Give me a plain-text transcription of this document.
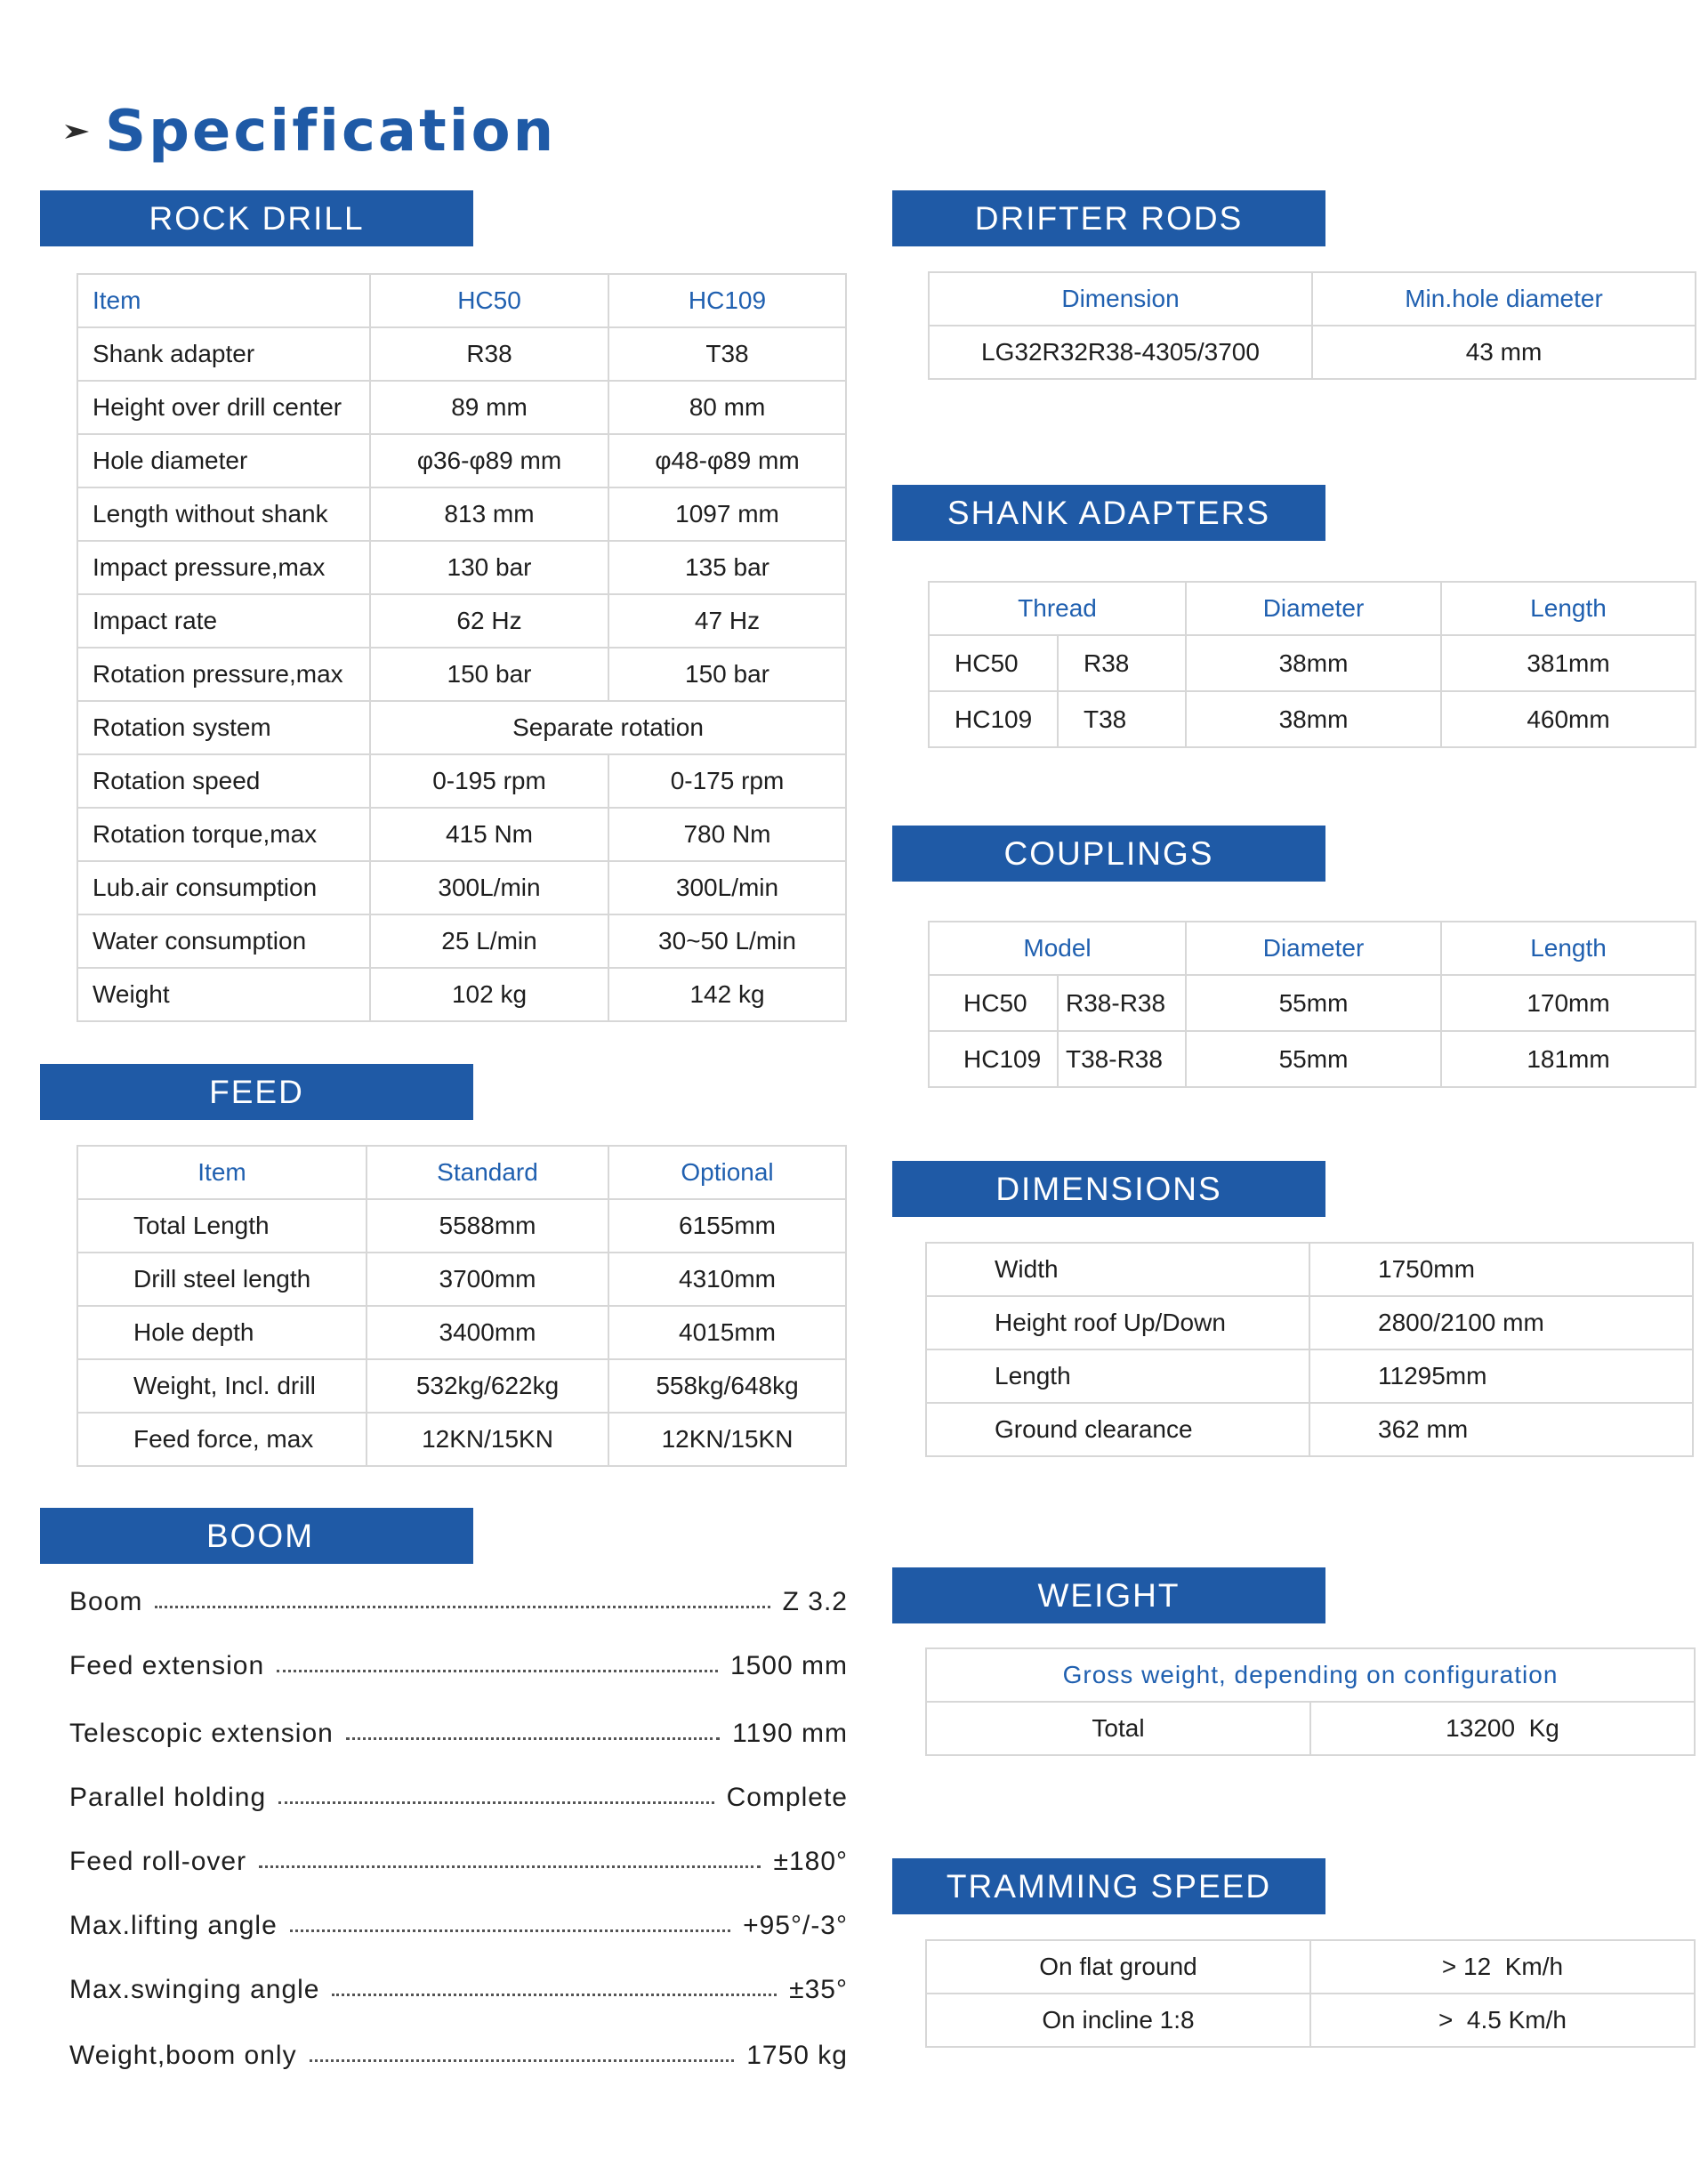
Specification
ROCK DRILL
Item	HC50	HC109
Shank adapter	R38	T38
Height over drill center	89 mm	80 mm
Hole diameter	φ36-φ89 mm	φ48-φ89 mm
Length without shank	813 mm	1097 mm
Impact pressure,max	130 bar	135 bar
Impact rate	62 Hz	47 Hz
Rotation pressure,max	150 bar	150 bar
Rotation system	Separate rotation	
Rotation speed	0-195 rpm	0-175 rpm
Rotation torque,max	415 Nm	780 Nm
Lub.air consumption	300L/min	300L/min
Water consumption	25 L/min	30~50 L/min
Weight	102 kg	142 kg
FEED
Item	Standard	Optional
Total Length	5588mm	6155mm
Drill steel length	3700mm	4310mm
Hole depth	3400mm	4015mm
Weight, Incl. drill	532kg/622kg	558kg/648kg
Feed force, max	12KN/15KN	12KN/15KN
BOOM
Boom	Z 3.2
Feed extension	1500 mm
Telescopic extension	1190 mm
Parallel holding	Complete
Feed roll-over	±180°
Max.lifting angle	+95°/-3°
Max.swinging angle	±35°
Weight,boom only	1750 kg
DRIFTER RODS
Dimension	Min.hole diameter
LG32R32R38-4305/3700	43 mm
SHANK ADAPTERS
Thread		Diameter	Length
HC50	R38	38mm	381mm
HC109	T38	38mm	460mm
COUPLINGS
Model		Diameter	Length
HC50	R38-R38	55mm	170mm
HC109	T38-R38	55mm	181mm
DIMENSIONS
Width	1750mm
Height roof Up/Down	2800/2100 mm
Length	11295mm
Ground clearance	362 mm
WEIGHT
Gross weight, depending on configuration
Total	13200  Kg
TRAMMING SPEED
On flat ground	> 12  Km/h
On incline 1:8	>  4.5 Km/h
